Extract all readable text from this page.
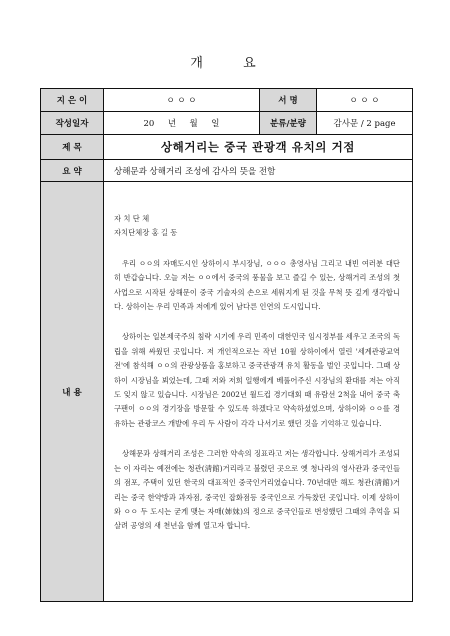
개 요
지 은 이	ㅇ ㅇ ㅇ	서 명	ㅇ ㅇ ㅇ
작성일자	20     년     월     일	분류/분량	감사문 / 2 page
제 목	상해거리는 중국 관광객 유치의 거점
요 약	상해문과 상해거리 조성에 감사의 뜻을 전함
내 용

자 치 단 체

자치단체장 홍 길 동

우리 ㅇㅇ의 자매도시인 상하이시 부시장님, ㅇㅇㅇ 총영사님 그리고 내빈 여러분 대단히 반갑습니다. 오늘 저는 ㅇㅇ에서 중국의 풍물을 보고 즐길 수 있는, 상해거리 조성의 첫 사업으로 시작된 상해문이 중국 기술자의 손으로 세워지게 된 것을 무척 뜻 깊게 생각합니다. 상하이는 우리 민족과 저에게 있어 남다른 인연의 도시입니다.

상하이는 일본제국주의 침략 시기에 우리 민족이 대한민국 임시정부를 세우고 조국의 독립을 위해 싸웠던 곳입니다. 저 개인적으로는 작년 10월 상하이에서 열린 '세계관광교역전'에 참석해 ㅇㅇ의 관광상품을 홍보하고 중국관광객 유치 활동을 벌인 곳입니다. 그때 상하이 시장님을 뵈었는데, 그때 저와 저희 일행에게 베풀어주신 시장님의 환대를 저는 아직도 잊지 않고 있습니다. 시장님은 2002년 월드컵 경기대회 때 유람선 2척을 내어 중국 축구팬이 ㅇㅇ의 경기장을 방문할 수 있도록 하겠다고 약속하셨었으며, 상하이와 ㅇㅇ를 경유하는 관광코스 개발에 우리 두 사람이 각각 나서기로 했던 것을 기억하고 있습니다.

상해문과 상해거리 조성은 그러한 약속의 징표라고 저는 생각합니다. 상해거리가 조성되는 이 자리는 예전에는 청관(淸館)거리라고 불렸던 곳으로 옛 청나라의 영사관과 중국인들의 점포, 주택이 있던 한국의 대표적인 중국인거리였습니다. 70년대만 해도 청관(淸館)거리는 중국 한약방과 과자점, 중국인 잡화점등 중국인으로 가득찼던 곳입니다. 이제 상하이와 ㅇㅇ 두 도시는 굳게 맺는 자매(姉妹)의 정으로 중국인들로 번성했던 그때의 추억을 되살려 공영의 새 천년을 함께 열고자 합니다.
